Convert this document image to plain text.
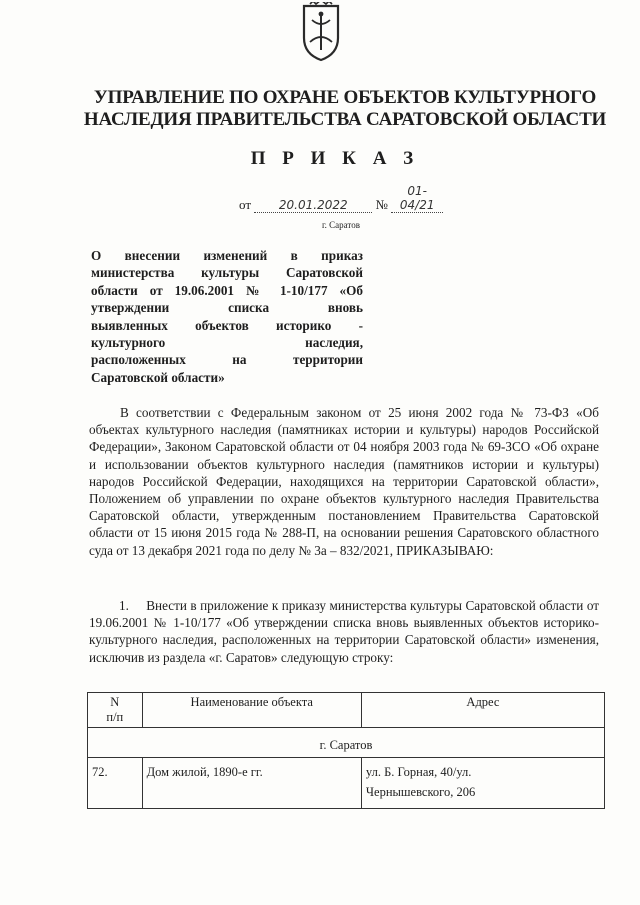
УПРАВЛЕНИЕ ПО ОХРАНЕ ОБЪЕКТОВ КУЛЬТУРНОГО
НАСЛЕДИЯ ПРАВИТЕЛЬСТВА САРАТОВСКОЙ ОБЛАСТИ
П Р И К А З
от 20.01.2022 № 01-04/21
г. Саратов
О внесении изменений в приказ
министерства культуры Саратовской
области от 19.06.2001 № 1-10/177 «Об
утверждении списка вновь
выявленных объектов историко -
культурного наследия,
расположенных на территории
Саратовской области»
В соответствии с Федеральным законом от 25 июня 2002 года № 73-ФЗ «Об объектах культурного наследия (памятниках истории и культуры) народов Российской Федерации», Законом Саратовской области от 04 ноября 2003 года № 69-ЗСО «Об охране и использовании объектов культурного наследия (памятников истории и культуры) народов Российской Федерации, находящихся на территории Саратовской области», Положением об управлении по охране объектов культурного наследия Правительства Саратовской области, утвержденным постановлением Правительства Саратовской области от 15 июня 2015 года № 288-П, на основании решения Саратовского областного суда от 13 декабря 2021 года по делу № 3а – 832/2021, ПРИКАЗЫВАЮ:
1. Внести в приложение к приказу министерства культуры Саратовской области от 19.06.2001 № 1-10/177 «Об утверждении списка вновь выявленных объектов историко-культурного наследия, расположенных на территории Саратовской области» изменения, исключив из раздела «г. Саратов» следующую строку:
N
п/п	Наименование объекта	Адрес
г. Саратов		
72.	Дом жилой, 1890-е гг.	ул. Б. Горная, 40/ул.
Чернышевского, 206
